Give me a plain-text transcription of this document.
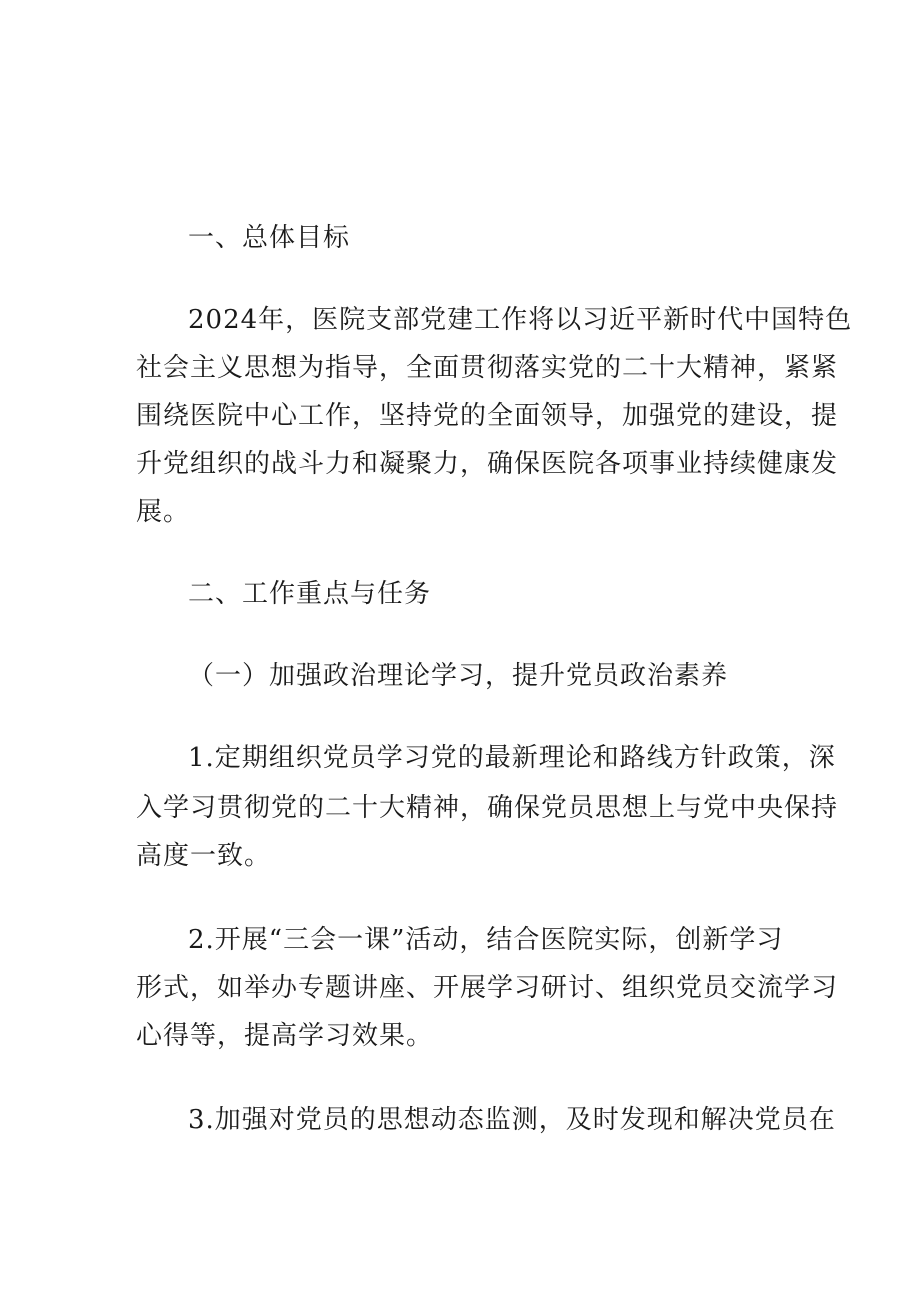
一、总体目标
2024年，医院支部党建工作将以习近平新时代中国特色
社会主义思想为指导，全面贯彻落实党的二十大精神，紧紧
围绕医院中心工作，坚持党的全面领导，加强党的建设，提
升党组织的战斗力和凝聚力，确保医院各项事业持续健康发
展。
二、工作重点与任务
（一）加强政治理论学习，提升党员政治素养
1.定期组织党员学习党的最新理论和路线方针政策，深
入学习贯彻党的二十大精神，确保党员思想上与党中央保持
高度一致。
2.开展“三会一课”活动，结合医院实际，创新学习
形式，如举办专题讲座、开展学习研讨、组织党员交流学习
心得等，提高学习效果。
3.加强对党员的思想动态监测，及时发现和解决党员在
